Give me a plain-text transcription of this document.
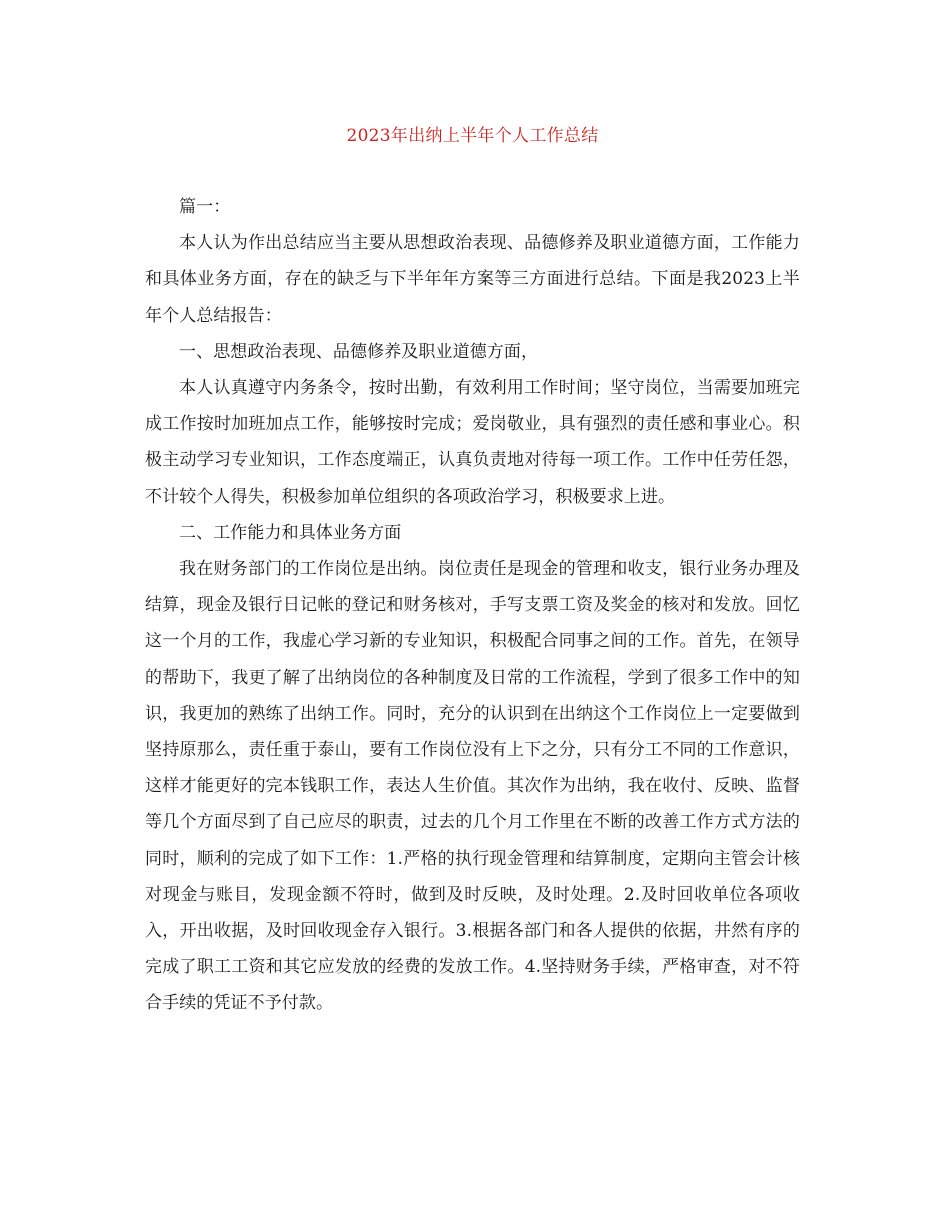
2023年出纳上半年个人工作总结

篇一：

本人认为作出总结应当主要从思想政治表现、品德修养及职业道德方面，工作能力和具体业务方面，存在的缺乏与下半年年方案等三方面进行总结。下面是我2023上半年个人总结报告：

一、思想政治表现、品德修养及职业道德方面，

本人认真遵守内务条令，按时出勤，有效利用工作时间；坚守岗位，当需要加班完成工作按时加班加点工作，能够按时完成；爱岗敬业，具有强烈的责任感和事业心。积极主动学习专业知识，工作态度端正，认真负责地对待每一项工作。工作中任劳任怨，不计较个人得失，积极参加单位组织的各项政治学习，积极要求上进。

二、工作能力和具体业务方面

我在财务部门的工作岗位是出纳。岗位责任是现金的管理和收支，银行业务办理及结算，现金及银行日记帐的登记和财务核对，手写支票工资及奖金的核对和发放。回忆这一个月的工作，我虚心学习新的专业知识，积极配合同事之间的工作。首先，在领导的帮助下，我更了解了出纳岗位的各种制度及日常的工作流程，学到了很多工作中的知识，我更加的熟练了出纳工作。同时，充分的认识到在出纳这个工作岗位上一定要做到坚持原那么，责任重于泰山，要有工作岗位没有上下之分，只有分工不同的工作意识，这样才能更好的完本钱职工作，表达人生价值。其次作为出纳，我在收付、反映、监督等几个方面尽到了自己应尽的职责，过去的几个月工作里在不断的改善工作方式方法的同时，顺利的完成了如下工作：1.严格的执行现金管理和结算制度，定期向主管会计核对现金与账目，发现金额不符时，做到及时反映，及时处理。2.及时回收单位各项收入，开出收据，及时回收现金存入银行。3.根据各部门和各人提供的依据，井然有序的完成了职工工资和其它应发放的经费的发放工作。4.坚持财务手续，严格审查，对不符合手续的凭证不予付款。
